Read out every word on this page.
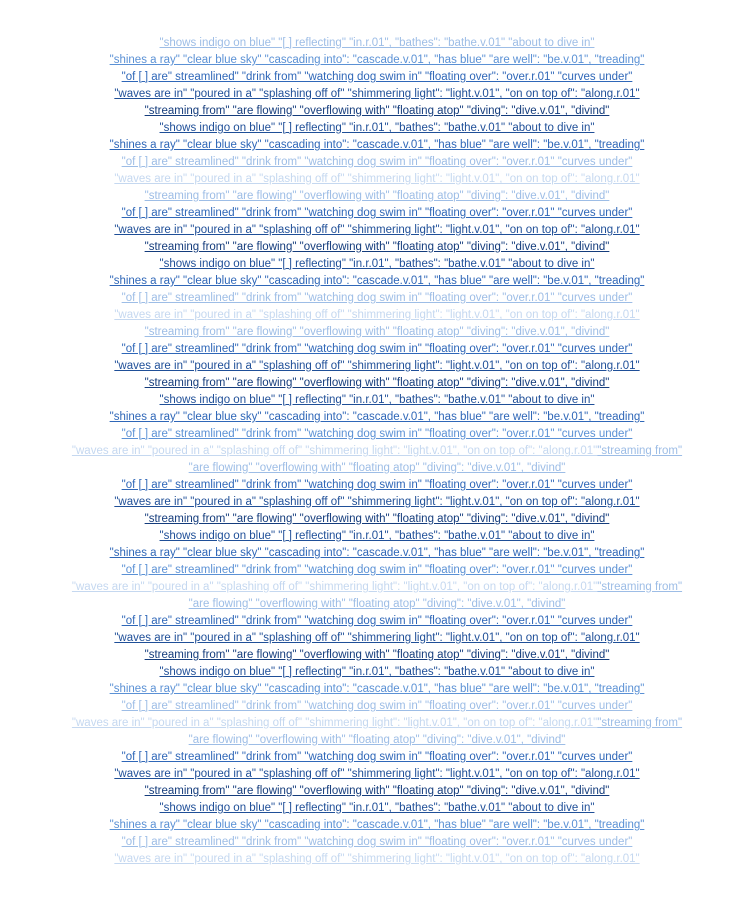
"shows indigo on blue" "[ ] reflecting" "in.r.01", "bathes": "bathe.v.01" "about to dive in"
"shines a ray" "clear blue sky" "cascading into": "cascade.v.01", "has blue" "are well": "be.v.01", "treading"
"of [ ] are" streamlined" "drink from" "watching dog swim in" "floating over": "over.r.01" "curves under"
"waves are in" "poured in a" "splashing off of" "shimmering light": "light.v.01", "on on top of": "along.r.01"
"streaming from" "are flowing" "overflowing with" "floating atop" "diving": "dive.v.01", "divind"
"shows indigo on blue" "[ ] reflecting" "in.r.01", "bathes": "bathe.v.01" "about to dive in"
"shines a ray" "clear blue sky" "cascading into": "cascade.v.01", "has blue" "are well": "be.v.01", "treading"
"of [ ] are" streamlined" "drink from" "watching dog swim in" "floating over": "over.r.01" "curves under"
"waves are in" "poured in a" "splashing off of" "shimmering light": "light.v.01", "on on top of": "along.r.01"
"streaming from" "are flowing" "overflowing with" "floating atop" "diving": "dive.v.01", "divind"
"of [ ] are" streamlined" "drink from" "watching dog swim in" "floating over": "over.r.01" "curves under"
"waves are in" "poured in a" "splashing off of" "shimmering light": "light.v.01", "on on top of": "along.r.01"
"streaming from" "are flowing" "overflowing with" "floating atop" "diving": "dive.v.01", "divind"
"shows indigo on blue" "[ ] reflecting" "in.r.01", "bathes": "bathe.v.01" "about to dive in"
"shines a ray" "clear blue sky" "cascading into": "cascade.v.01", "has blue" "are well": "be.v.01", "treading"
"of [ ] are" streamlined" "drink from" "watching dog swim in" "floating over": "over.r.01" "curves under"
"waves are in" "poured in a" "splashing off of" "shimmering light": "light.v.01", "on on top of": "along.r.01"
"streaming from" "are flowing" "overflowing with" "floating atop" "diving": "dive.v.01", "divind"
"of [ ] are" streamlined" "drink from" "watching dog swim in" "floating over": "over.r.01" "curves under"
"waves are in" "poured in a" "splashing off of" "shimmering light": "light.v.01", "on on top of": "along.r.01"
"streaming from" "are flowing" "overflowing with" "floating atop" "diving": "dive.v.01", "divind"
"shows indigo on blue" "[ ] reflecting" "in.r.01", "bathes": "bathe.v.01" "about to dive in"
"shines a ray" "clear blue sky" "cascading into": "cascade.v.01", "has blue" "are well": "be.v.01", "treading"
"of [ ] are" streamlined" "drink from" "watching dog swim in" "floating over": "over.r.01" "curves under"
"waves are in" "poured in a" "splashing off of" "shimmering light": "light.v.01", "on on top of": "along.r.01""streaming from" "are flowing" "overflowing with" "floating atop" "diving": "dive.v.01", "divind"
"of [ ] are" streamlined" "drink from" "watching dog swim in" "floating over": "over.r.01" "curves under"
"waves are in" "poured in a" "splashing off of" "shimmering light": "light.v.01", "on on top of": "along.r.01"
"streaming from" "are flowing" "overflowing with" "floating atop" "diving": "dive.v.01", "divind"
"shows indigo on blue" "[ ] reflecting" "in.r.01", "bathes": "bathe.v.01" "about to dive in"
"shines a ray" "clear blue sky" "cascading into": "cascade.v.01", "has blue" "are well": "be.v.01", "treading"
"of [ ] are" streamlined" "drink from" "watching dog swim in" "floating over": "over.r.01" "curves under"
"waves are in" "poured in a" "splashing off of" "shimmering light": "light.v.01", "on on top of": "along.r.01""streaming from" "are flowing" "overflowing with" "floating atop" "diving": "dive.v.01", "divind"
"of [ ] are" streamlined" "drink from" "watching dog swim in" "floating over": "over.r.01" "curves under"
"waves are in" "poured in a" "splashing off of" "shimmering light": "light.v.01", "on on top of": "along.r.01"
"streaming from" "are flowing" "overflowing with" "floating atop" "diving": "dive.v.01", "divind"
"shows indigo on blue" "[ ] reflecting" "in.r.01", "bathes": "bathe.v.01" "about to dive in"
"shines a ray" "clear blue sky" "cascading into": "cascade.v.01", "has blue" "are well": "be.v.01", "treading"
"of [ ] are" streamlined" "drink from" "watching dog swim in" "floating over": "over.r.01" "curves under"
"waves are in" "poured in a" "splashing off of" "shimmering light": "light.v.01", "on on top of": "along.r.01""streaming from" "are flowing" "overflowing with" "floating atop" "diving": "dive.v.01", "divind"
"of [ ] are" streamlined" "drink from" "watching dog swim in" "floating over": "over.r.01" "curves under"
"waves are in" "poured in a" "splashing off of" "shimmering light": "light.v.01", "on on top of": "along.r.01"
"streaming from" "are flowing" "overflowing with" "floating atop" "diving": "dive.v.01", "divind"
"shows indigo on blue" "[ ] reflecting" "in.r.01", "bathes": "bathe.v.01" "about to dive in"
"shines a ray" "clear blue sky" "cascading into": "cascade.v.01", "has blue" "are well": "be.v.01", "treading"
"of [ ] are" streamlined" "drink from" "watching dog swim in" "floating over": "over.r.01" "curves under"
"waves are in" "poured in a" "splashing off of" "shimmering light": "light.v.01", "on on top of": "along.r.01"
